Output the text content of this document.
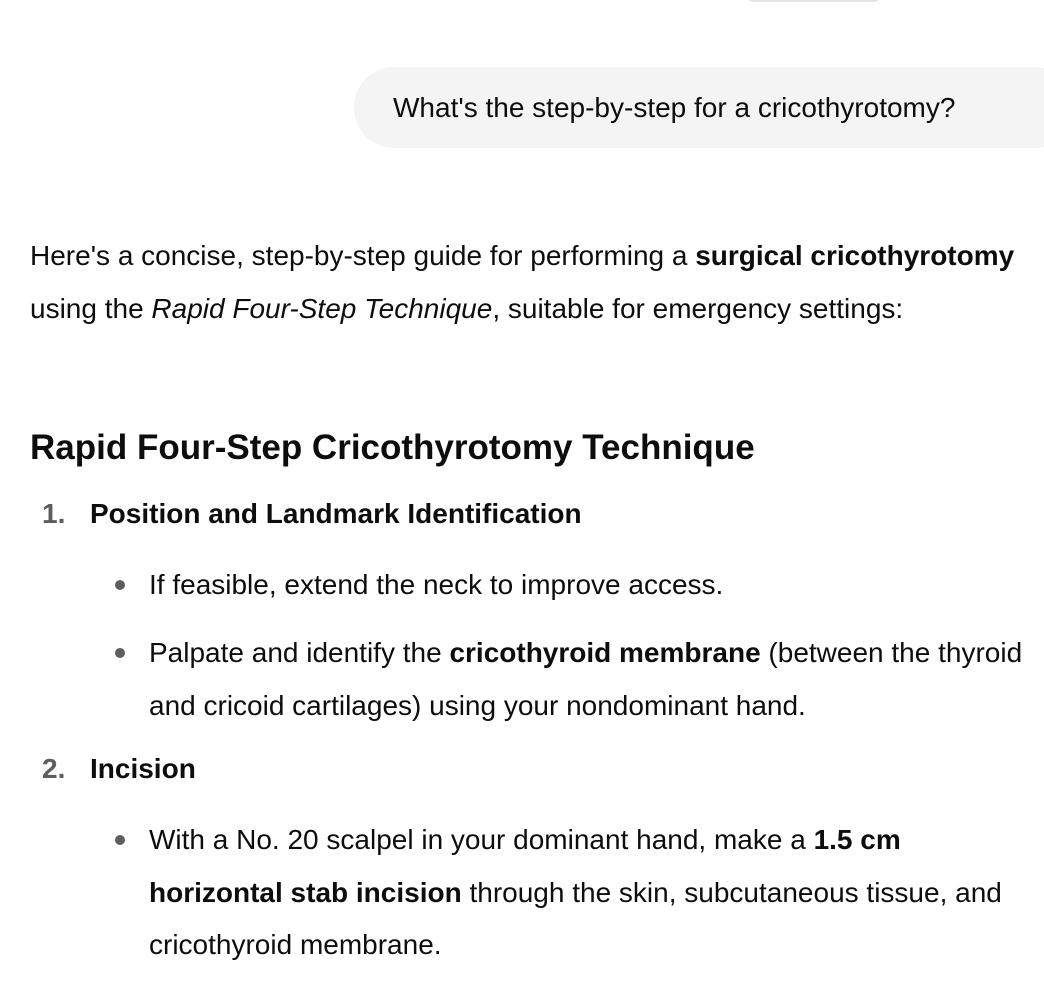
What's the step-by-step for a cricothyrotomy?

Here's a concise, step-by-step guide for performing a surgical cricothyrotomy using the Rapid Four-Step Technique, suitable for emergency settings:

Rapid Four-Step Cricothyrotomy Technique
1. Position and Landmark Identification
If feasible, extend the neck to improve access.
Palpate and identify the cricothyroid membrane (between the thyroid and cricoid cartilages) using your nondominant hand.
2. Incision
With a No. 20 scalpel in your dominant hand, make a 1.5 cm horizontal stab incision through the skin, subcutaneous tissue, and cricothyroid membrane.
